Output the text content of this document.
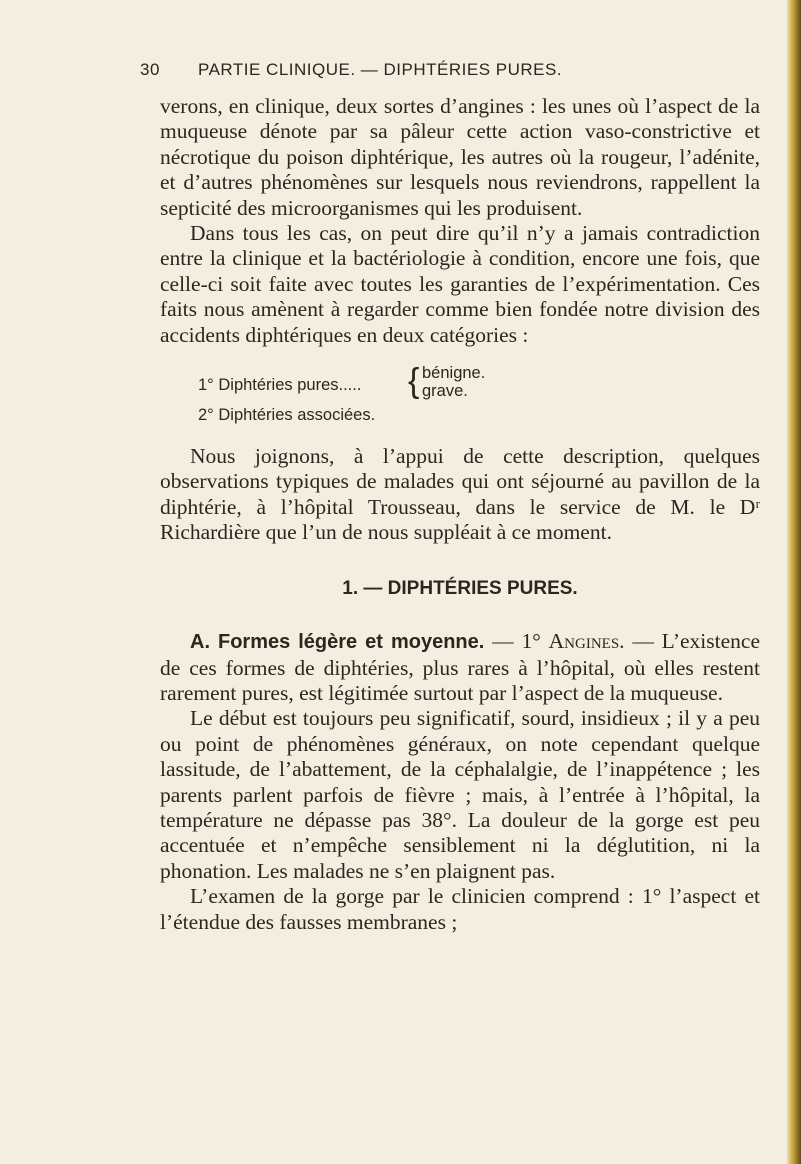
30 PARTIE CLINIQUE. — DIPHTÉRIES PURES.

verons, en clinique, deux sortes d’angines : les unes où l’aspect de la muqueuse dénote par sa pâleur cette action vaso-constrictive et nécrotique du poison diphtérique, les autres où la rougeur, l’adénite, et d’autres phénomènes sur lesquels nous reviendrons, rappellent la septicité des microorganismes qui les produisent.

Dans tous les cas, on peut dire qu’il n’y a jamais contradiction entre la clinique et la bactériologie à condition, encore une fois, que celle-ci soit faite avec toutes les garanties de l’expérimentation. Ces faits nous amènent à regarder comme bien fondée notre division des accidents diphtériques en deux catégories :

1° Diphtéries pures..... { bénigne.
grave.
2° Diphtéries associées.

Nous joignons, à l’appui de cette description, quelques observations typiques de malades qui ont séjourné au pavillon de la diphtérie, à l’hôpital Trousseau, dans le service de M. le Dʳ Richardière que l’un de nous suppléait à ce moment.

1. — DIPHTÉRIES PURES.

A. Formes légère et moyenne. — 1° Angines. — L’existence de ces formes de diphtéries, plus rares à l’hôpital, où elles restent rarement pures, est légitimée surtout par l’aspect de la muqueuse.

Le début est toujours peu significatif, sourd, insidieux ; il y a peu ou point de phénomènes généraux, on note cependant quelque lassitude, de l’abattement, de la céphalalgie, de l’inappétence ; les parents parlent parfois de fièvre ; mais, à l’entrée à l’hôpital, la température ne dépasse pas 38°. La douleur de la gorge est peu accentuée et n’empêche sensiblement ni la déglutition, ni la phonation. Les malades ne s’en plaignent pas.

L’examen de la gorge par le clinicien comprend : 1° l’aspect et l’étendue des fausses membranes ;
